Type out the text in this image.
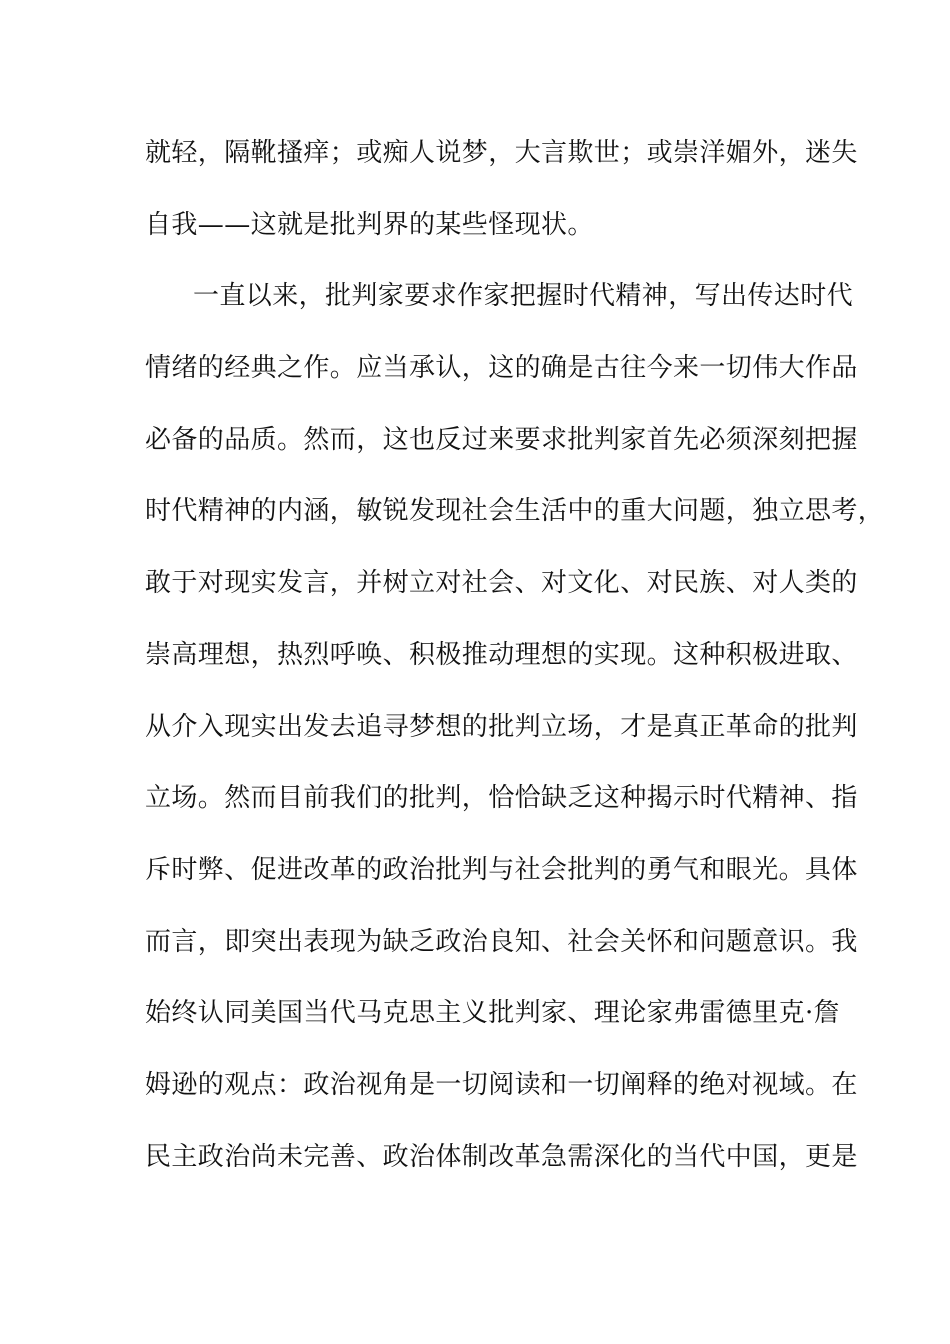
就轻，隔靴搔痒；或痴人说梦，大言欺世；或崇洋媚外，迷失
自我——这就是批判界的某些怪现状。
一直以来，批判家要求作家把握时代精神，写出传达时代
情绪的经典之作。应当承认，这的确是古往今来一切伟大作品
必备的品质。然而，这也反过来要求批判家首先必须深刻把握
时代精神的内涵，敏锐发现社会生活中的重大问题，独立思考，
敢于对现实发言，并树立对社会、对文化、对民族、对人类的
崇高理想，热烈呼唤、积极推动理想的实现。这种积极进取、
从介入现实出发去追寻梦想的批判立场，才是真正革命的批判
立场。然而目前我们的批判，恰恰缺乏这种揭示时代精神、指
斥时弊、促进改革的政治批判与社会批判的勇气和眼光。具体
而言，即突出表现为缺乏政治良知、社会关怀和问题意识。我
始终认同美国当代马克思主义批判家、理论家弗雷德里克·詹
姆逊的观点：政治视角是一切阅读和一切阐释的绝对视域。在
民主政治尚未完善、政治体制改革急需深化的当代中国，更是
